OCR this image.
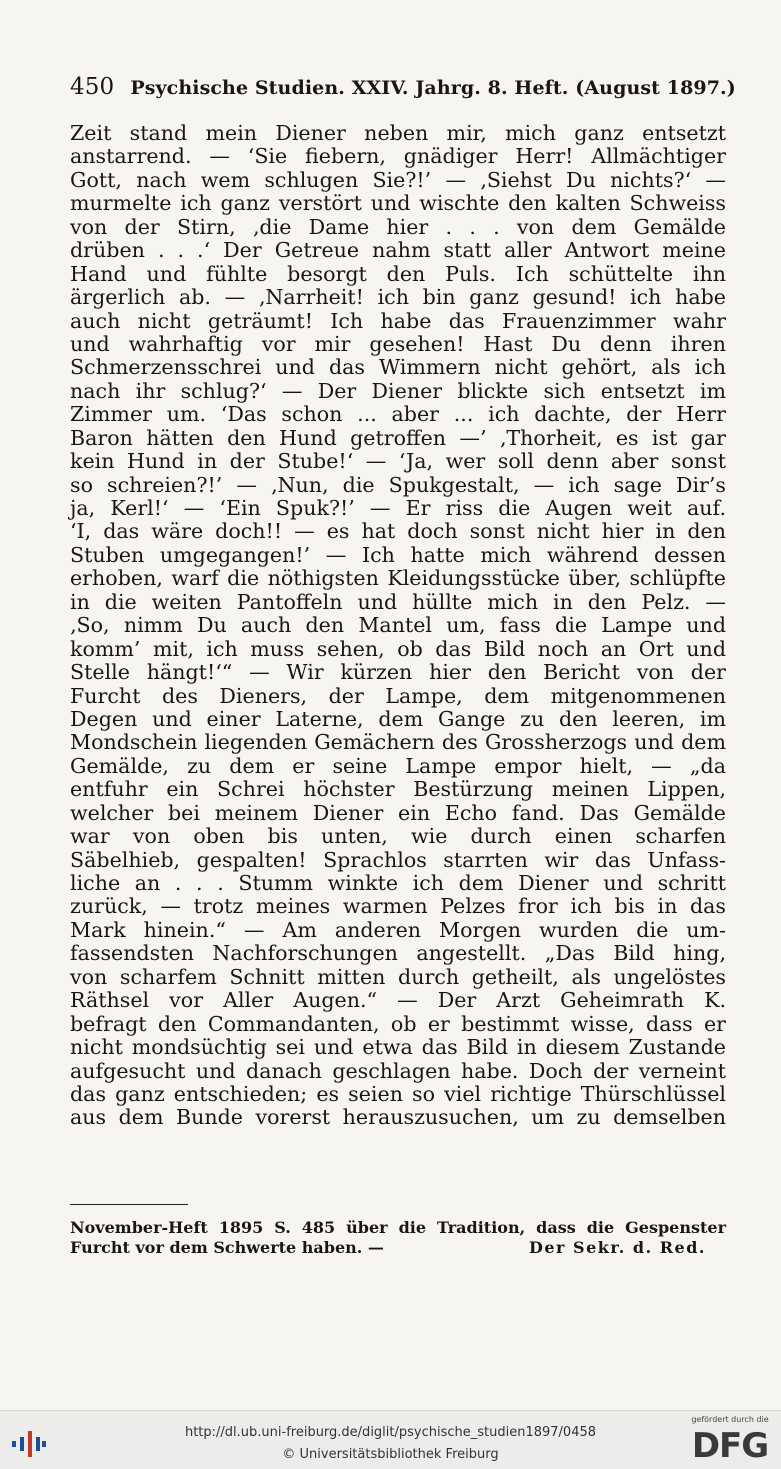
450 Psychische Studien. XXIV. Jahrg. 8. Heft. (August 1897.)
Zeit stand mein Diener neben mir, mich ganz entsetzt
anstarrend. — ‘Sie fiebern, gnädiger Herr! Allmächtiger
Gott, nach wem schlugen Sie?!’ — ‚Siehst Du nichts?‘ —
murmelte ich ganz verstört und wischte den kalten Schweiss
von der Stirn, ‚die Dame hier . . . von dem Gemälde
drüben . . .‘ Der Getreue nahm statt aller Antwort meine
Hand und fühlte besorgt den Puls. Ich schüttelte ihn
ärgerlich ab. — ‚Narrheit! ich bin ganz gesund! ich habe
auch nicht geträumt! Ich habe das Frauenzimmer wahr
und wahrhaftig vor mir gesehen! Hast Du denn ihren
Schmerzensschrei und das Wimmern nicht gehört, als ich
nach ihr schlug?‘ — Der Diener blickte sich entsetzt im
Zimmer um. ‘Das schon ... aber ... ich dachte, der Herr
Baron hätten den Hund getroffen —’ ‚Thorheit, es ist gar
kein Hund in der Stube!‘ — ‘Ja, wer soll denn aber sonst
so schreien?!’ — ‚Nun, die Spukgestalt, — ich sage Dir’s
ja, Kerl!‘ — ‘Ein Spuk?!’ — Er riss die Augen weit auf.
‘I, das wäre doch!! — es hat doch sonst nicht hier in den
Stuben umgegangen!’ — Ich hatte mich während dessen
erhoben, warf die nöthigsten Kleidungsstücke über, schlüpfte
in die weiten Pantoffeln und hüllte mich in den Pelz. —
‚So, nimm Du auch den Mantel um, fass die Lampe und
komm’ mit, ich muss sehen, ob das Bild noch an Ort und
Stelle hängt!‘“ — Wir kürzen hier den Bericht von der
Furcht des Dieners, der Lampe, dem mitgenommenen
Degen und einer Laterne, dem Gange zu den leeren, im
Mondschein liegenden Gemächern des Grossherzogs und dem
Gemälde, zu dem er seine Lampe empor hielt, — „da
entfuhr ein Schrei höchster Bestürzung meinen Lippen,
welcher bei meinem Diener ein Echo fand. Das Gemälde
war von oben bis unten, wie durch einen scharfen
Säbelhieb, gespalten! Sprachlos starrten wir das Unfass-
liche an . . . Stumm winkte ich dem Diener und schritt
zurück, — trotz meines warmen Pelzes fror ich bis in das
Mark hinein.“ — Am anderen Morgen wurden die um-
fassendsten Nachforschungen angestellt. „Das Bild hing,
von scharfem Schnitt mitten durch getheilt, als ungelöstes
Räthsel vor Aller Augen.“ — Der Arzt Geheimrath K.
befragt den Commandanten, ob er bestimmt wisse, dass er
nicht mondsüchtig sei und etwa das Bild in diesem Zustande
aufgesucht und danach geschlagen habe. Doch der verneint
das ganz entschieden; es seien so viel richtige Thürschlüssel
aus dem Bunde vorerst herauszusuchen, um zu demselben
November-Heft 1895 S. 485 über die Tradition, dass die Gespenster
Furcht vor dem Schwerte haben. —	Der Sekr. d. Red.
http://dl.ub.uni-freiburg.de/diglit/psychische_studien1897/0458
© Universitätsbibliothek Freiburg
gefördert durch die
DFG
